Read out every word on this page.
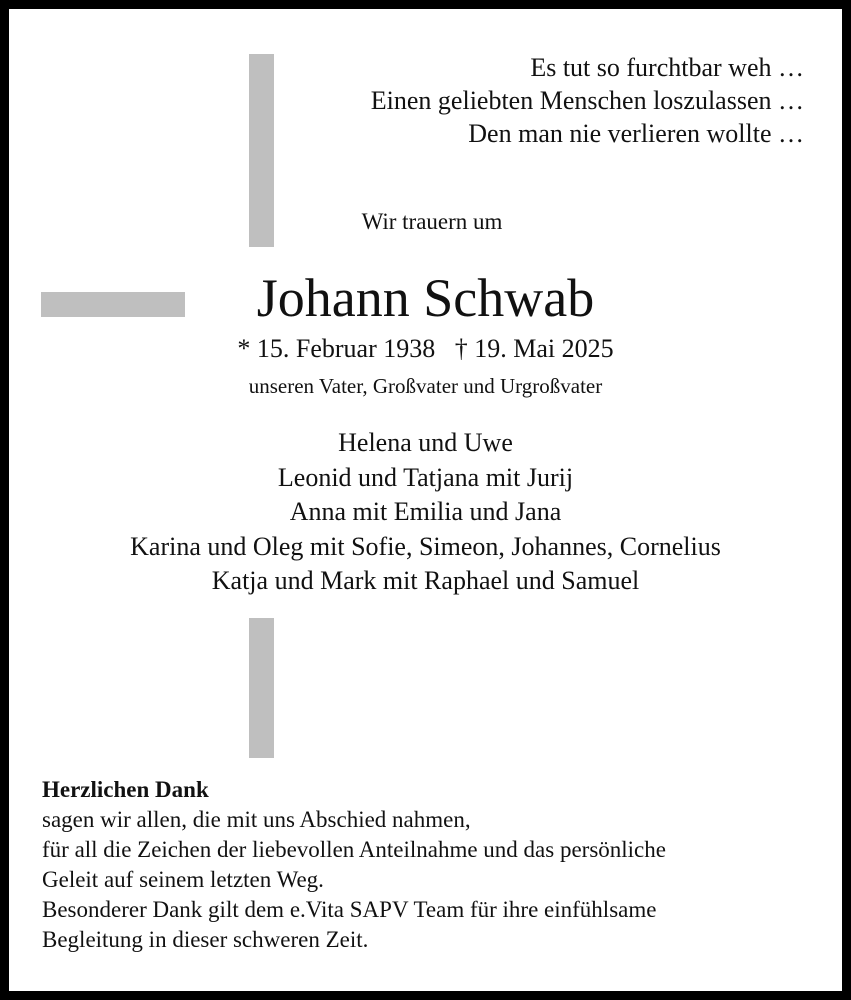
Es tut so furchtbar weh …
Einen geliebten Menschen loszulassen …
Den man nie verlieren wollte …
Wir trauern um
Johann Schwab
* 15. Februar 1938   † 19. Mai 2025
unseren Vater, Großvater und Urgroßvater
Helena und Uwe
Leonid und Tatjana mit Jurij
Anna mit Emilia und Jana
Karina und Oleg mit Sofie, Simeon, Johannes, Cornelius
Katja und Mark mit Raphael und Samuel
Herzlichen Dank
sagen wir allen, die mit uns Abschied nahmen,
für all die Zeichen der liebevollen Anteilnahme und das persönliche
Geleit auf seinem letzten Weg.
Besonderer Dank gilt dem e.Vita SAPV Team für ihre einfühlsame
Begleitung in dieser schweren Zeit.
